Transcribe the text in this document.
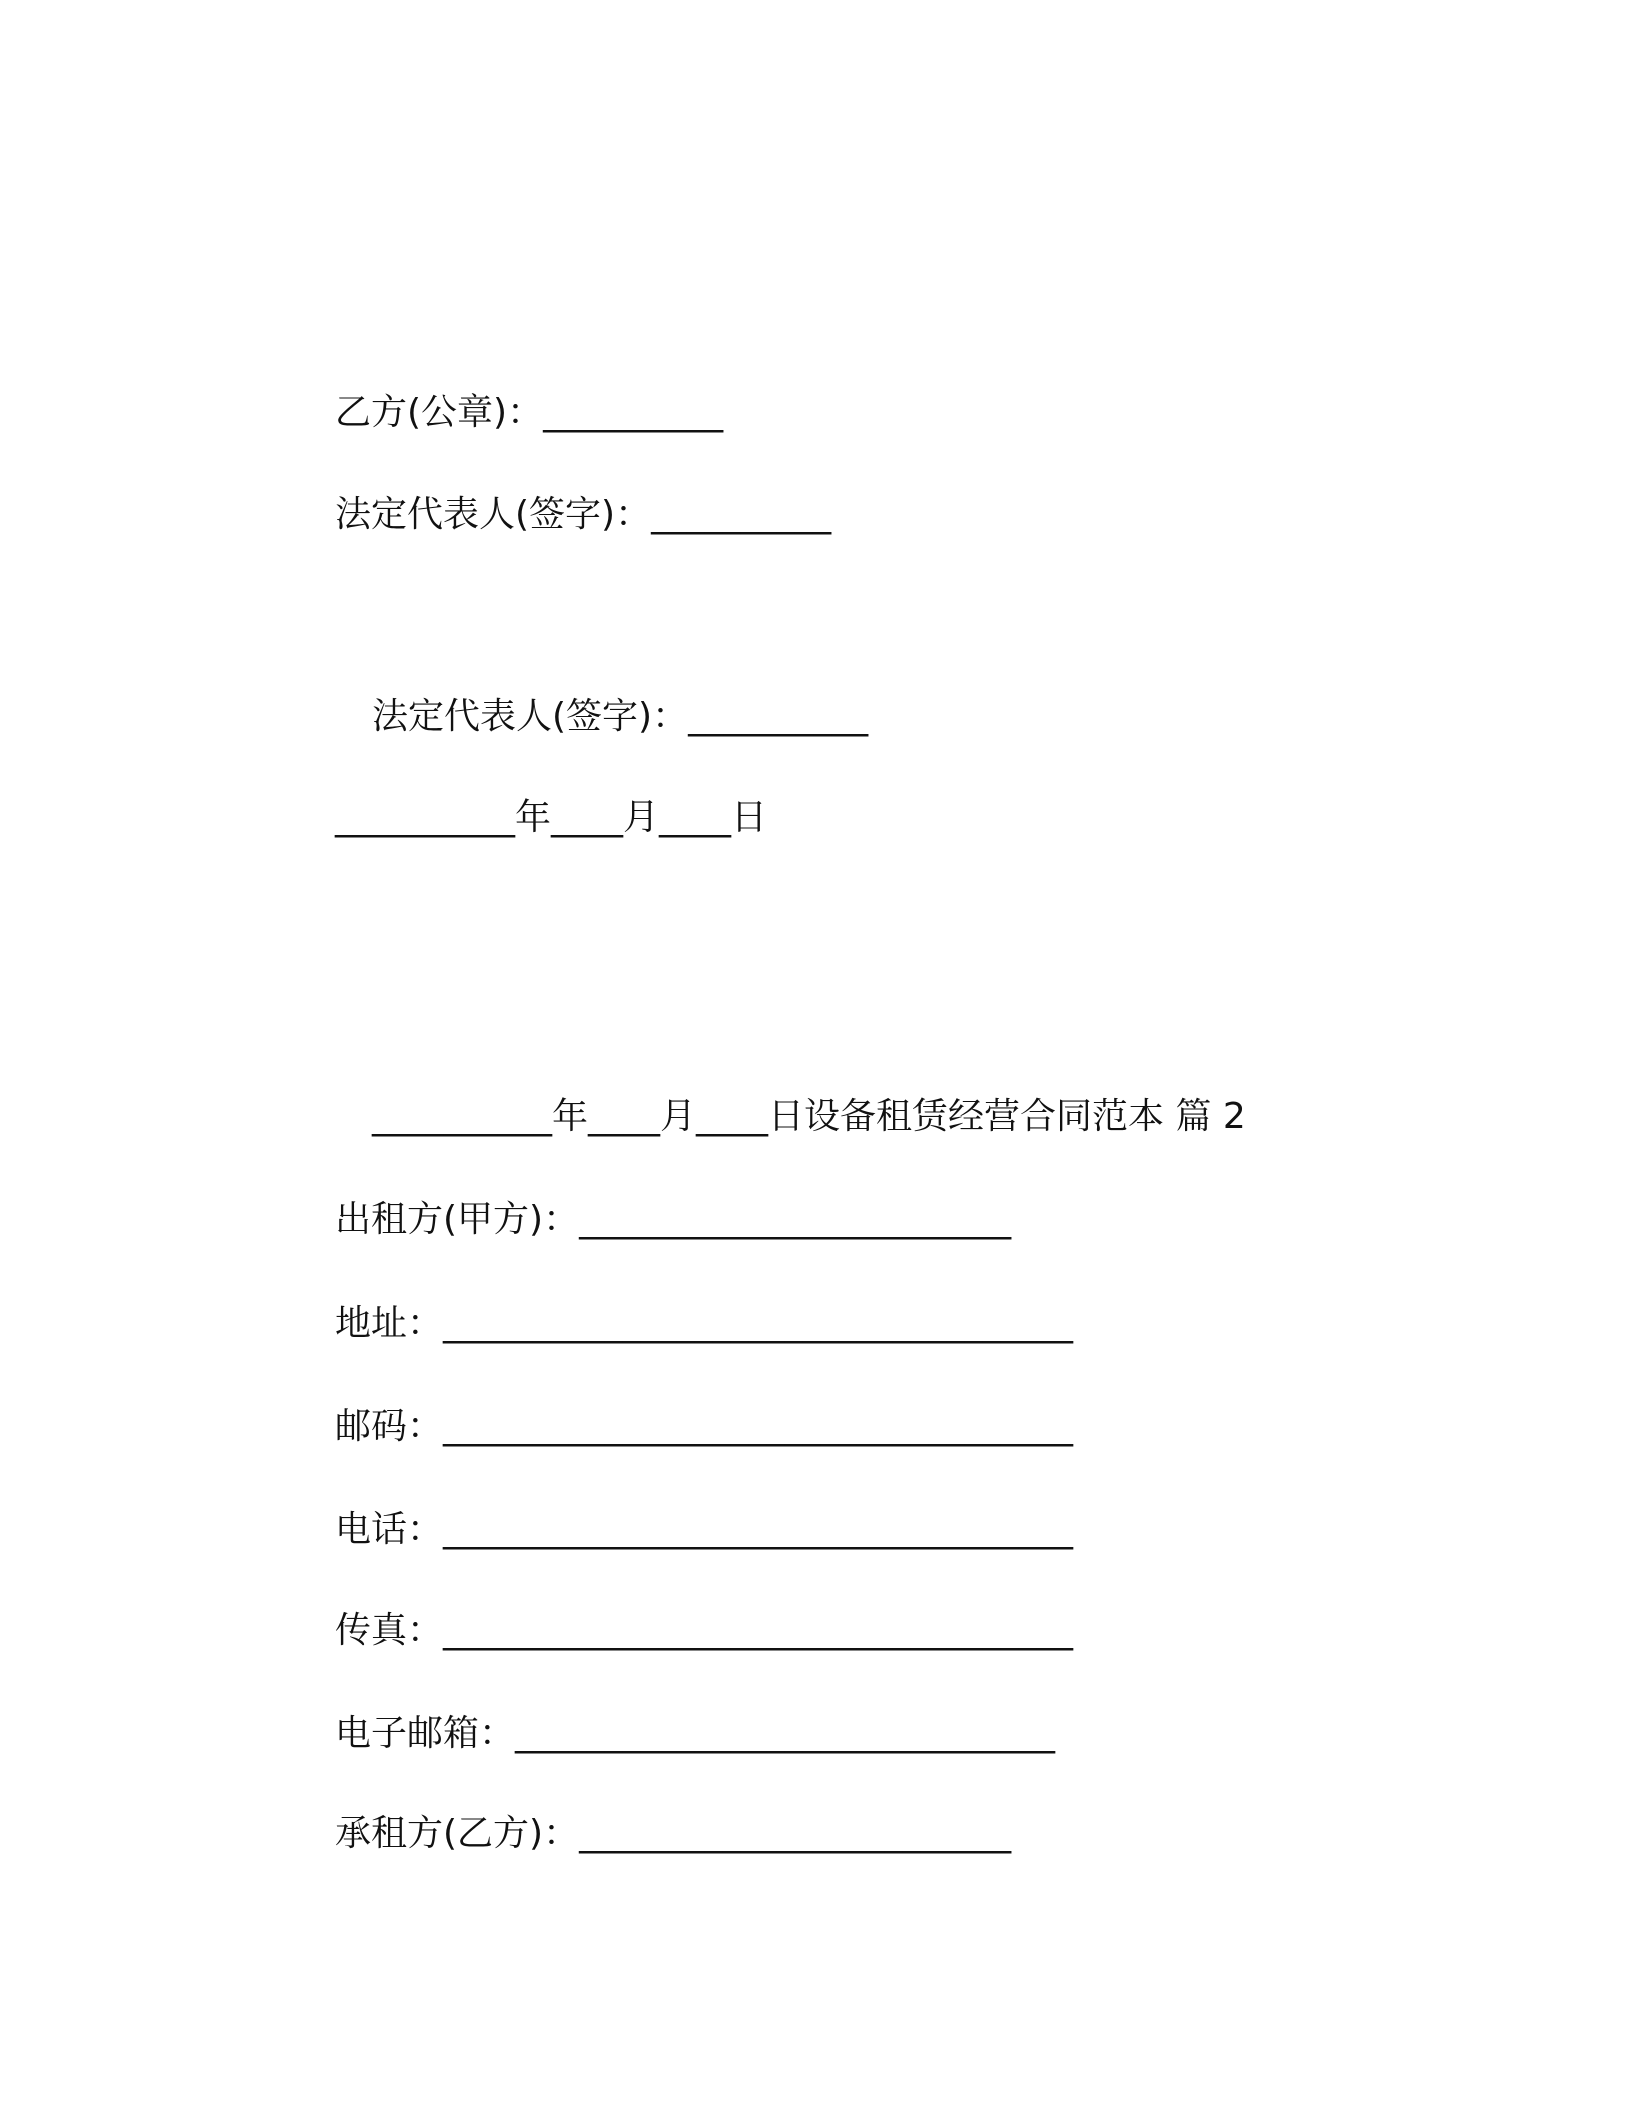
乙方(公章)：__________
法定代表人(签字)：__________
法定代表人(签字)：__________
__________年____月____日
__________年____月____日设备租赁经营合同范本 篇 2
出租方(甲方)：________________________
地址：___________________________________
邮码：___________________________________
电话：___________________________________
传真：___________________________________
电子邮箱：______________________________
承租方(乙方)：________________________
